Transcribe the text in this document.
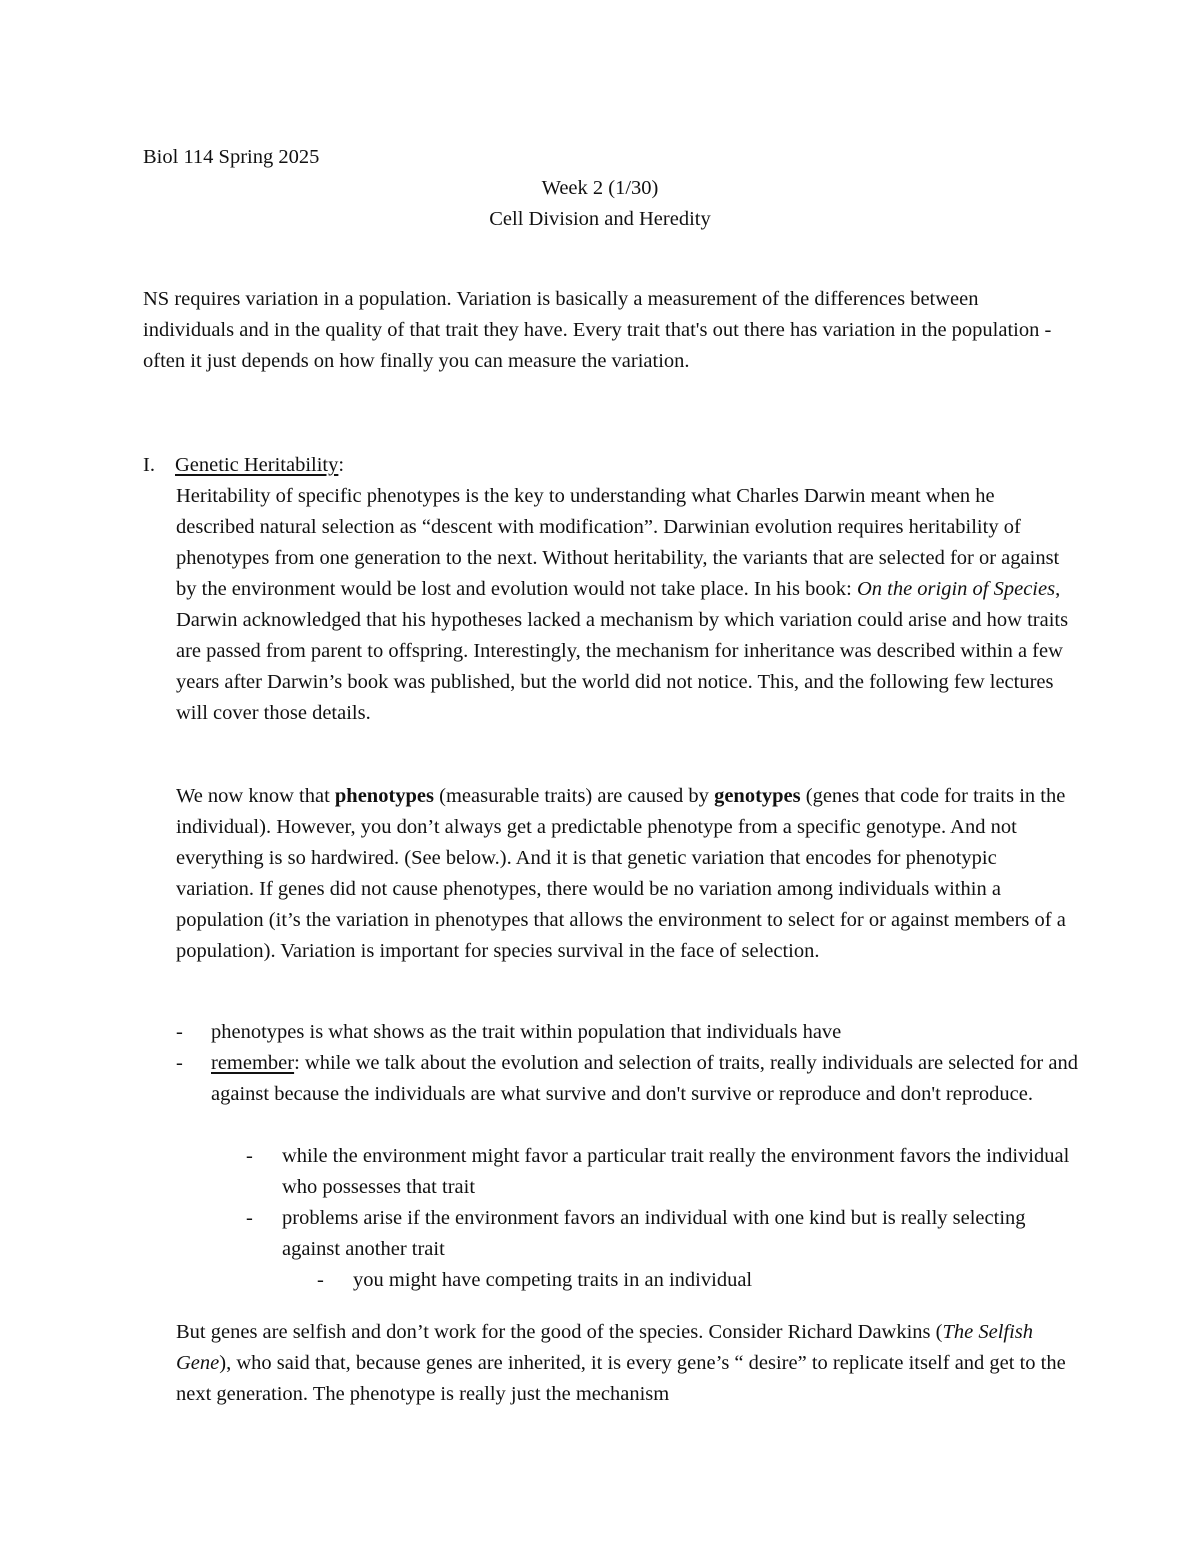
Biol 114 Spring 2025
Week 2 (1/30)
Cell Division and Heredity

NS requires variation in a population. Variation is basically a measurement of the differences between individuals and in the quality of that trait they have. Every trait that's out there has variation in the population - often it just depends on how finally you can measure the variation.

I. Genetic Heritability:

Heritability of specific phenotypes is the key to understanding what Charles Darwin meant when he described natural selection as “descent with modification”. Darwinian evolution requires heritability of phenotypes from one generation to the next. Without heritability, the variants that are selected for or against by the environment would be lost and evolution would not take place. In his book: On the origin of Species, Darwin acknowledged that his hypotheses lacked a mechanism by which variation could arise and how traits are passed from parent to offspring. Interestingly, the mechanism for inheritance was described within a few years after Darwin’s book was published, but the world did not notice. This, and the following few lectures will cover those details.

We now know that phenotypes (measurable traits) are caused by genotypes (genes that code for traits in the individual). However, you don’t always get a predictable phenotype from a specific genotype. And not everything is so hardwired. (See below.). And it is that genetic variation that encodes for phenotypic variation. If genes did not cause phenotypes, there would be no variation among individuals within a population (it’s the variation in phenotypes that allows the environment to select for or against members of a population). Variation is important for species survival in the face of selection.

- phenotypes is what shows as the trait within population that individuals have
- remember: while we talk about the evolution and selection of traits, really individuals are selected for and against because the individuals are what survive and don't survive or reproduce and don't reproduce.
- while the environment might favor a particular trait really the environment favors the individual who possesses that trait
- problems arise if the environment favors an individual with one kind but is really selecting against another trait
- you might have competing traits in an individual

But genes are selfish and don’t work for the good of the species. Consider Richard Dawkins (The Selfish Gene), who said that, because genes are inherited, it is every gene’s “ desire” to replicate itself and get to the next generation. The phenotype is really just the mechanism
